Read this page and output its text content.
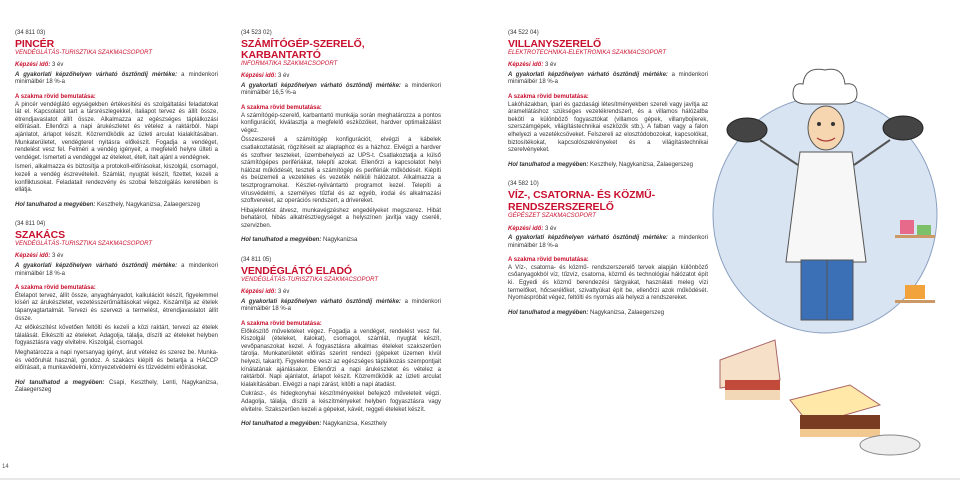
14
(34 811 03)
PINCÉR
VENDÉGLÁTÁS-TURISZTIKA SZAKMACSOPORT

Képzési idő: 3 év

A gyakorlati képzőhelyen várható ösztöndíj mértéke: a mindenkori minimálbér 18 %-a

A szakma rövid bemutatása:

A pincér vendéglátó egységekben értékesítési és szolgáltatási feladatokat lát el. Kapcsolatot tart a társrészlegekkel, italiapot tervez és állít össze, étrendjavaslatot állít össze. Alkalmazza az egészséges táplálkozási előírásait. Ellenőrzi a napi árukészletet és vételez a raktárból. Napi ajánlatot, árlapot készít. Közreműködik az üzleti arculat kialakításában. Munkaterületet, vendégteret nyitásra előkészít. Fogadja a vendéget, rendelést vesz fel. Felméri a vendég igényeit, a megfelelő helyre ülteti a vendéget. Ismerteti a vendéggel az ételeket, ételt, italt ajánl a vendégnek.

Ismeri, alkalmazza és biztosítja a protokoll-előírásokat, kiszolgál, csomagol, kezeli a vendég észrevételeit. Számlát, nyugtát készít, fizettet, kezeli a konfliktusokat. Feladatait rendezvény és szobai felszolgálás keretében is ellátja.

Hol tanulhatod a megyében: Keszthely, Nagykanizsa, Zalaegerszeg

(34 811 04)
SZAKÁCS
VENDÉGLÁTÁS-TURISZTIKA SZAKMACSOPORT

Képzési idő: 3 év

A gyakorlati képzőhelyen várható ösztöndíj mértéke: a mindenkori minimálbér 18 %-a

A szakma rövid bemutatása:

Ételapot tervez, állít össze, anyaghányadot, kalkulációt készít, figyelemmel kíséri az árukészletet, vezetésszerűmáltásokat végez. Kiszámítja az ételek tápanyagtartalmát. Tervezi és szervezi a termelést, étrendjavaslatot állít össze.

Az előkészítést követően feltölti és kezeli a közi raktárt, tervezi az ételek tálalását. Elkészíti az ételeket. Adagolja, tálalja, díszíti az ételeket helyben fogyasztásra vagy elvitelre. Kiszolgál, csomagol.

Meghatározza a napi nyersanyag igényt, árut vételez és szerez be. Munka- és védőruhát használ, gondoz. A szakács kiépíti és betartja a HACCP előírásait, a munkavédelmi, környezetvédelmi és tűzvédelmi előírásokat.

Hol tanulhatod a megyében: Csapi, Keszthely, Lenti, Nagykanizsa, Zalaegerszeg

(34 523 02)
SZÁMÍTÓGÉP-SZERELŐ, KARBANTARTÓ
INFORMATIKA SZAKMACSOPORT

Képzési idő: 3 év

A gyakorlati képzőhelyen várható ösztöndíj mértéke: a mindenkori minimálbér 16,5 %-a

A szakma rövid bemutatása:

A számítógép-szerelő, karbantartó munkája során meghatározza a pontos konfigurációt, kiválasztja a megfelelő eszközöket, hardver optimalizálást végez.

Összeszereli a számítógép konfigurációt, elvégzi a kábelek csatlakoztatását, rögzítéseit az alaplaphoz és a házhoz. Elvégzi a hardver és szoftver teszteket, üzembehelyezi az UPS-t. Csatlakoztatja a külső számítógépes perifériákat, telepíti azokat. Ellenőrzi a kapcsolatot helyi hálózat működését, teszteli a számítógép és perifériák működését. Kiépíti és beüzemeli a vezetékes és vezeték nélküli hálózatot. Alkalmazza a tesztprogramokat. Készlet-nyilvántartó programot kezel. Telepíti a vírusvédelmi, a személyes tűzfal és az egyéb, irodai és alkalmazási szoftvereket, az operációs rendszert, a drivereket.

Hibajelentést átvesz, munkavégzéshez engedélyeket megszerez. Hibát behatárol, hibás alkatrészt/egységet a helyszínen javítja vagy cseréli, szervizben.

Hol tanulhatod a megyében: Nagykanizsa

(34 811 05)
VENDÉGLÁTÓ ELADÓ
VENDÉGLÁTÁS-TURISZTIKA SZAKMACSOPORT

Képzési idő: 3 év

A gyakorlati képzőhelyen várható ösztöndíj mértéke: a mindenkori minimálbér 18 %-a

A szakma rövid bemutatása:

Előkészítő műveleteket végez. Fogadja a vendéget, rendelést vesz fel. Kiszolgál (ételeket, italokat), csomagol, számlát, nyugtát készít, vevőpanaszokat kezel. A fogyasztásra alkalmas ételeket szakszerűen tárolja. Munkaterületét előírás szerint rendezi (gépeket üzemen kívül helyezi, takarít). Figyelembe veszi az egészséges táplálkozás szempontjait kínálatának ajánlásakor. Ellenőrzi a napi árukészletet és vételez a raktárból. Napi ajánlatot, árlapot készít. Közreműködik az üzleti arculat kialakításában. Elvégzi a napi zárást, kitölti a napi átadást.

Cukrász-, és hidegkonyhai készítményekkel befejező műveleteit végzi. Adagolja, tálalja, díszíti a készítményeket helyben fogyasztásra vagy elvitelre. Szakszerűen kezeli a gépeket, kávét, reggeli ételeket készít.

Hol tanulhatod a megyében: Nagykanizsa, Keszthely

(34 522 04)
VILLANYSZERELŐ
ELEKTROTECHNIKA-ELEKTRONIKA SZAKMACSOPORT

Képzési idő: 3 év

A gyakorlati képzőhelyen várható ösztöndíj mértéke: a mindenkori minimálbér 18 %-a

A szakma rövid bemutatása:

Lakóházakban, ipari és gazdasági létesítményekben szereli vagy javítja az áramellátáshoz szükséges vezetékrendszert, és a villamos hálózatba bekötí a különböző fogyasztókat (villamos gépek, villanybojlerek, szerszámgépek, világítástechnikai eszközök stb.). A falban vagy a falon elhelyezi a vezetékcsöveket. Felszereli az elosztódobozokat, kapcsolókat, biztosítékokat, kapcsolószekrényeket és a világítástechnikai szerelvényeket.

Hol tanulhatod a megyében: Keszthely, Nagykanizsa, Zalaegerszeg

(34 582 10)
VÍZ-, CSATORNA- ÉS KÖZMŰ-
RENDSZERSZERELŐ
GÉPÉSZET SZAKMACSOPORT

Képzési idő: 3 év

A gyakorlati képzőhelyen várható ösztöndíj mértéke: a mindenkori minimálbér 18 %-a

A szakma rövid bemutatása:

A Víz-, csatorna- és közmű- rendszerszerelő tervek alapján különböző csőanyagokból víz, tűzvíz, csatorna, közmű és technológiai hálózatot épít ki. Egyedi és közmű berendezési tárgyakat, használati meleg vízi termelőket, hőcserélőket, szivattyúkat épít be, ellenőrzi azok működését. Nyomáspróbát végez, feltölti és nyomás alá helyezi a rendszereket.

Hol tanulhatod a megyében: Nagykanizsa, Zalaegerszeg
